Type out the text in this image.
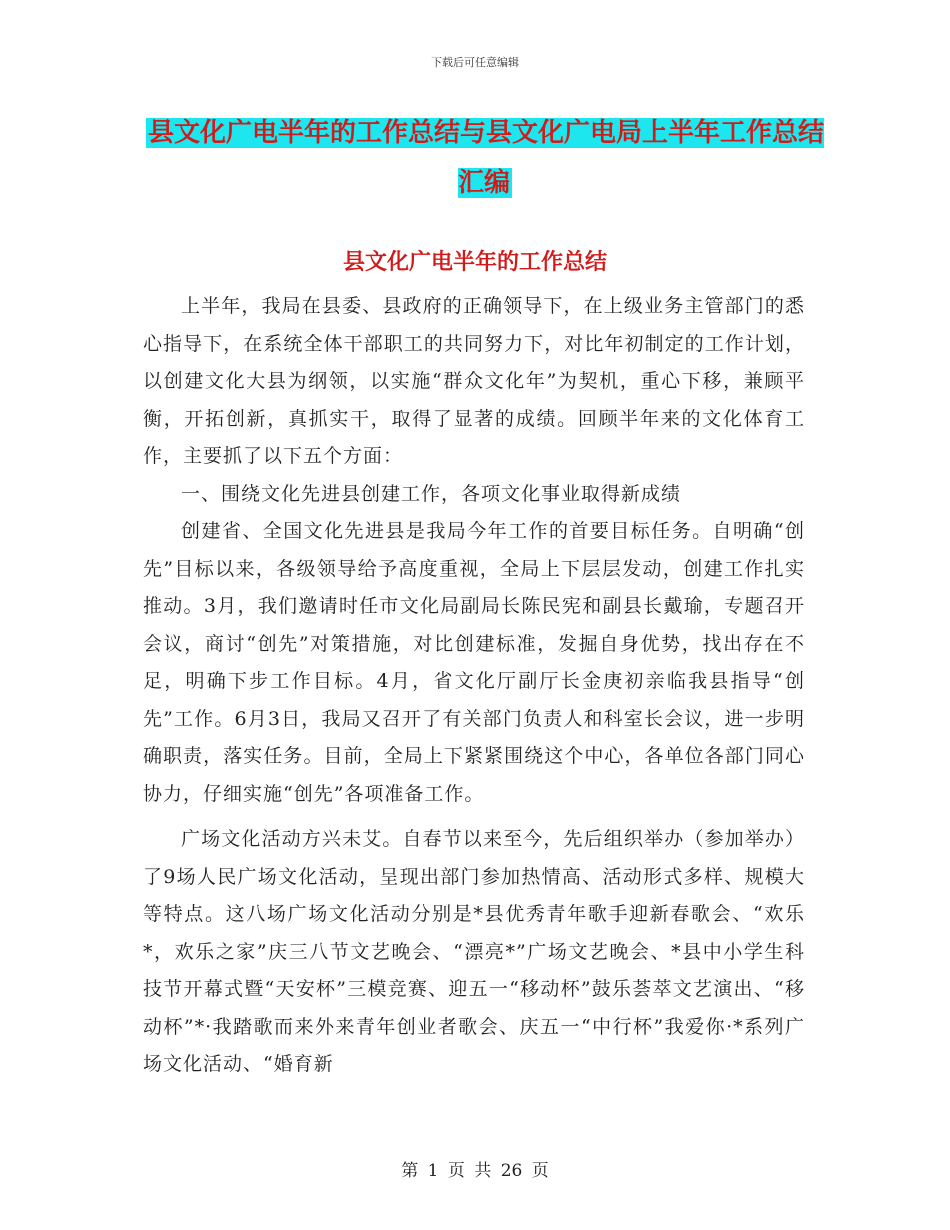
下载后可任意编辑
县文化广电半年的工作总结与县文化广电局上半年工作总结汇编
县文化广电半年的工作总结

上半年，我局在县委、县政府的正确领导下，在上级业务主管部门的悉心指导下，在系统全体干部职工的共同努力下，对比年初制定的工作计划，以创建文化大县为纲领，以实施“群众文化年”为契机，重心下移，兼顾平衡，开拓创新，真抓实干，取得了显著的成绩。回顾半年来的文化体育工作，主要抓了以下五个方面：

一、围绕文化先进县创建工作，各项文化事业取得新成绩

创建省、全国文化先进县是我局今年工作的首要目标任务。自明确“创先”目标以来，各级领导给予高度重视，全局上下层层发动，创建工作扎实推动。3月，我们邀请时任市文化局副局长陈民宪和副县长戴瑜，专题召开会议，商讨“创先”对策措施，对比创建标准，发掘自身优势，找出存在不足，明确下步工作目标。4月，省文化厅副厅长金庚初亲临我县指导“创先”工作。6月3日，我局又召开了有关部门负责人和科室长会议，进一步明确职责，落实任务。目前，全局上下紧紧围绕这个中心，各单位各部门同心协力，仔细实施“创先”各项准备工作。

广场文化活动方兴未艾。自春节以来至今，先后组织举办（参加举办）了9场人民广场文化活动，呈现出部门参加热情高、活动形式多样、规模大等特点。这八场广场文化活动分别是*县优秀青年歌手迎新春歌会、“欢乐*，欢乐之家”庆三八节文艺晚会、“漂亮*”广场文艺晚会、*县中小学生科技节开幕式暨“天安杯”三模竞赛、迎五一“移动杯”鼓乐荟萃文艺演出、“移动杯”*·我踏歌而来外来青年创业者歌会、庆五一“中行杯”我爱你·*系列广场文化活动、“婚育新

第 1 页 共 26 页
